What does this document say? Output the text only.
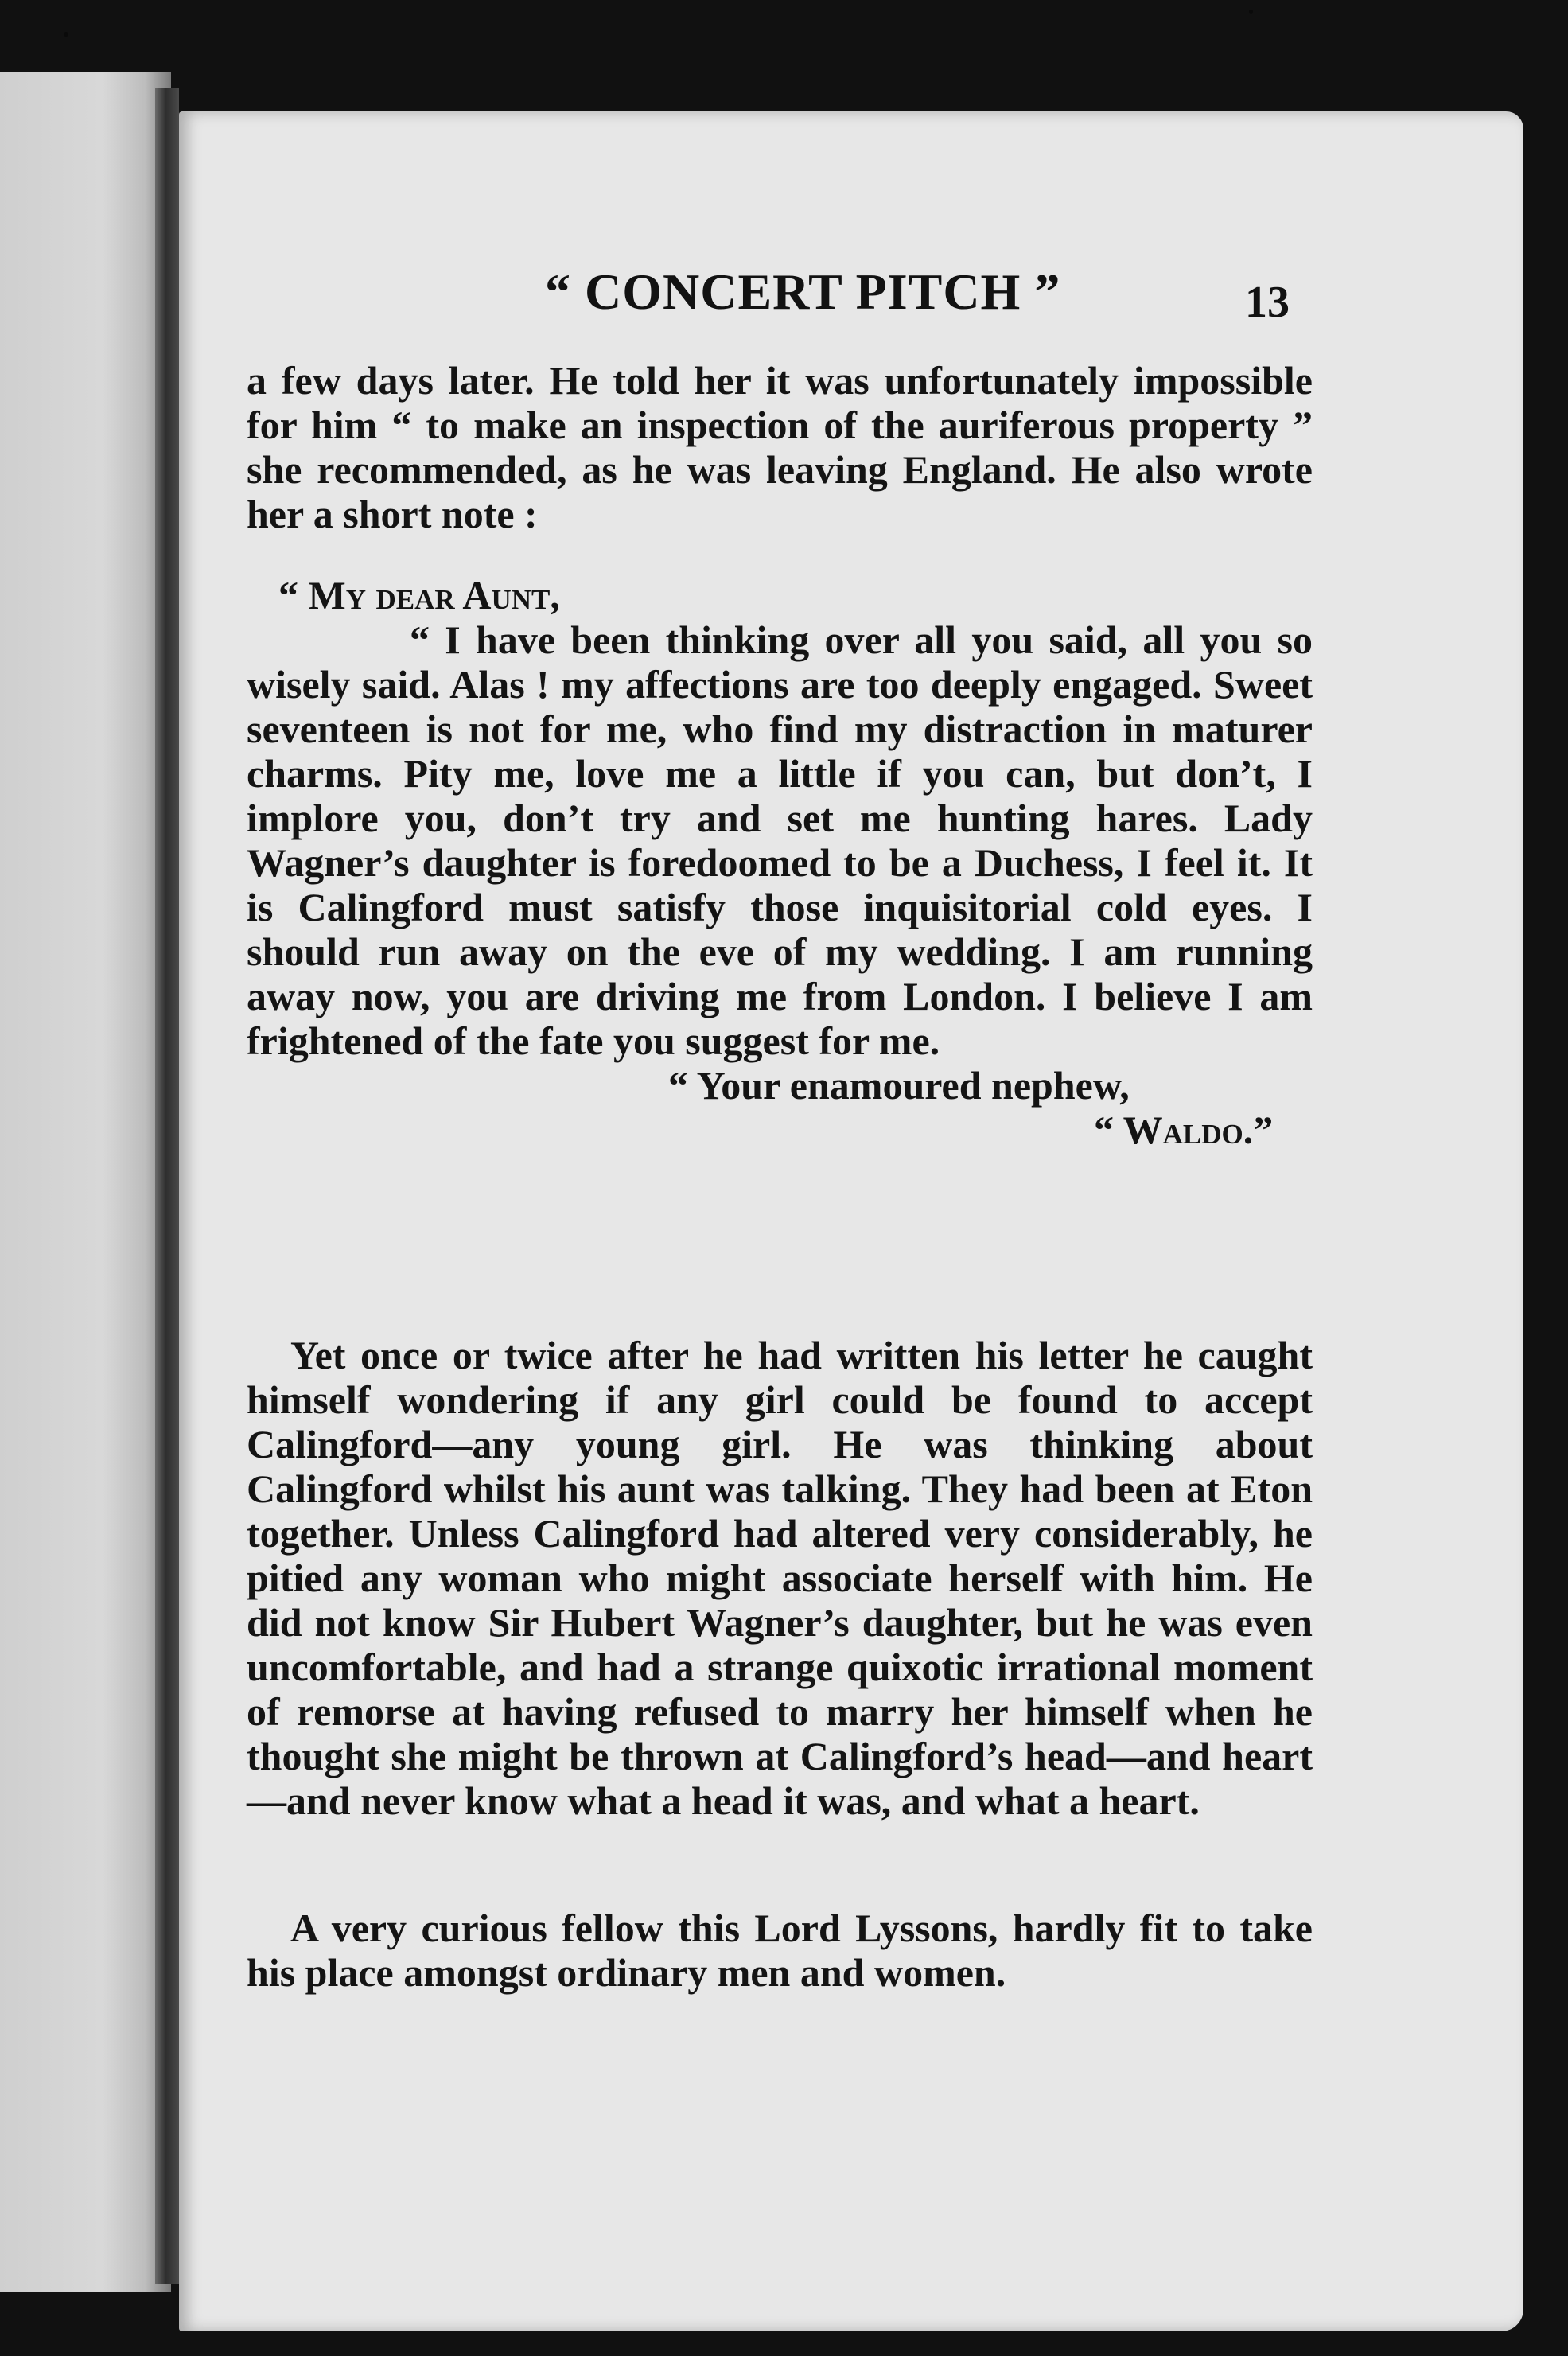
“ CONCERT PITCH ”	13

a few days later. He told her it was unfortunately impossible for him “ to make an inspection of the auriferous property ” she recommended, as he was leaving England. He also wrote her a short note :

“ My dear Aunt,

“ I have been thinking over all you said, all you so wisely said. Alas ! my affections are too deeply engaged. Sweet seventeen is not for me, who find my distraction in maturer charms. Pity me, love me a little if you can, but don’t, I implore you, don’t try and set me hunting hares. Lady Wagner’s daughter is foredoomed to be a Duchess, I feel it. It is Calingford must satisfy those inquisitorial cold eyes. I should run away on the eve of my wedding. I am running away now, you are driving me from London. I believe I am frightened of the fate you suggest for me.

“ Your enamoured nephew,

“ Waldo.”

Yet once or twice after he had written his letter he caught himself wondering if any girl could be found to accept Calingford—any young girl. He was thinking about Calingford whilst his aunt was talking. They had been at Eton together. Unless Calingford had altered very considerably, he pitied any woman who might associate herself with him. He did not know Sir Hubert Wagner’s daughter, but he was even uncomfortable, and had a strange quixotic irrational moment of remorse at having refused to marry her himself when he thought she might be thrown at Calingford’s head—and heart—and never know what a head it was, and what a heart.

A very curious fellow this Lord Lyssons, hardly fit to take his place amongst ordinary men and women.
